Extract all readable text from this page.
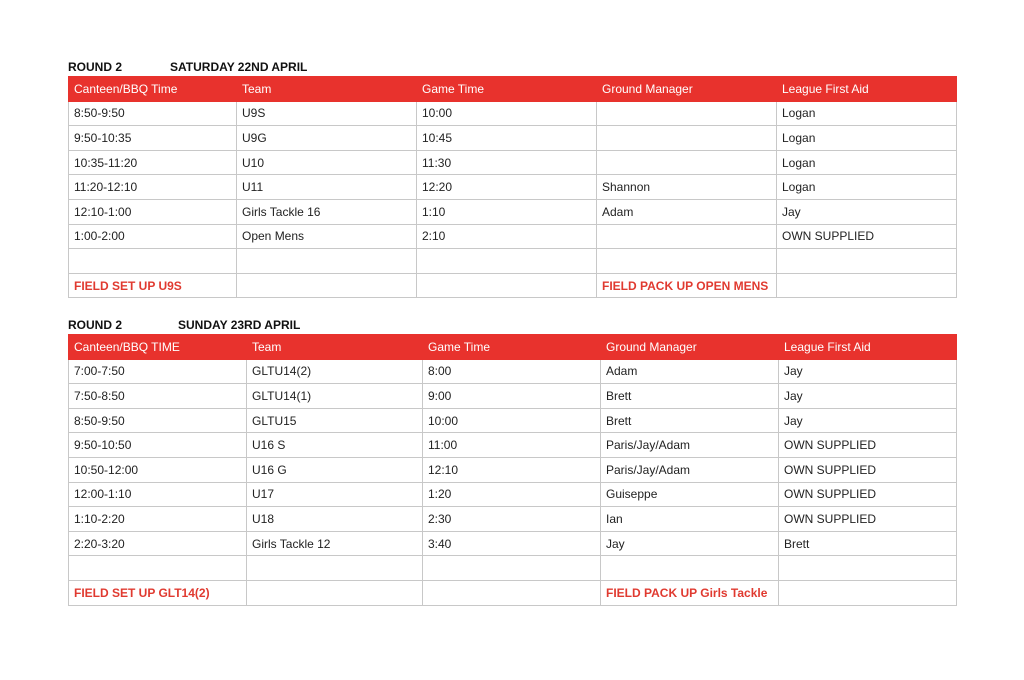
ROUND 2	SATURDAY 22ND APRIL
Canteen/BBQ Time	Team	Game Time	Ground Manager	League First Aid
8:50-9:50	U9S	10:00		Logan
9:50-10:35	U9G	10:45		Logan
10:35-11:20	U10	11:30		Logan
11:20-12:10	U11	12:20	Shannon	Logan
12:10-1:00	Girls Tackle 16	1:10	Adam	Jay
1:00-2:00	Open Mens	2:10		OWN SUPPLIED

FIELD SET UP U9S			FIELD PACK UP OPEN MENS	
ROUND 2	SUNDAY 23RD APRIL
Canteen/BBQ TIME	Team	Game Time	Ground Manager	League First Aid
7:00-7:50	GLTU14(2)	8:00	Adam	Jay
7:50-8:50	GLTU14(1)	9:00	Brett	Jay
8:50-9:50	GLTU15	10:00	Brett	Jay
9:50-10:50	U16 S	11:00	Paris/Jay/Adam	OWN SUPPLIED
10:50-12:00	U16 G	12:10	Paris/Jay/Adam	OWN SUPPLIED
12:00-1:10	U17	1:20	Guiseppe	OWN SUPPLIED
1:10-2:20	U18	2:30	Ian	OWN SUPPLIED
2:20-3:20	Girls Tackle 12	3:40	Jay	Brett

FIELD SET UP GLT14(2)			FIELD PACK UP Girls Tackle	
